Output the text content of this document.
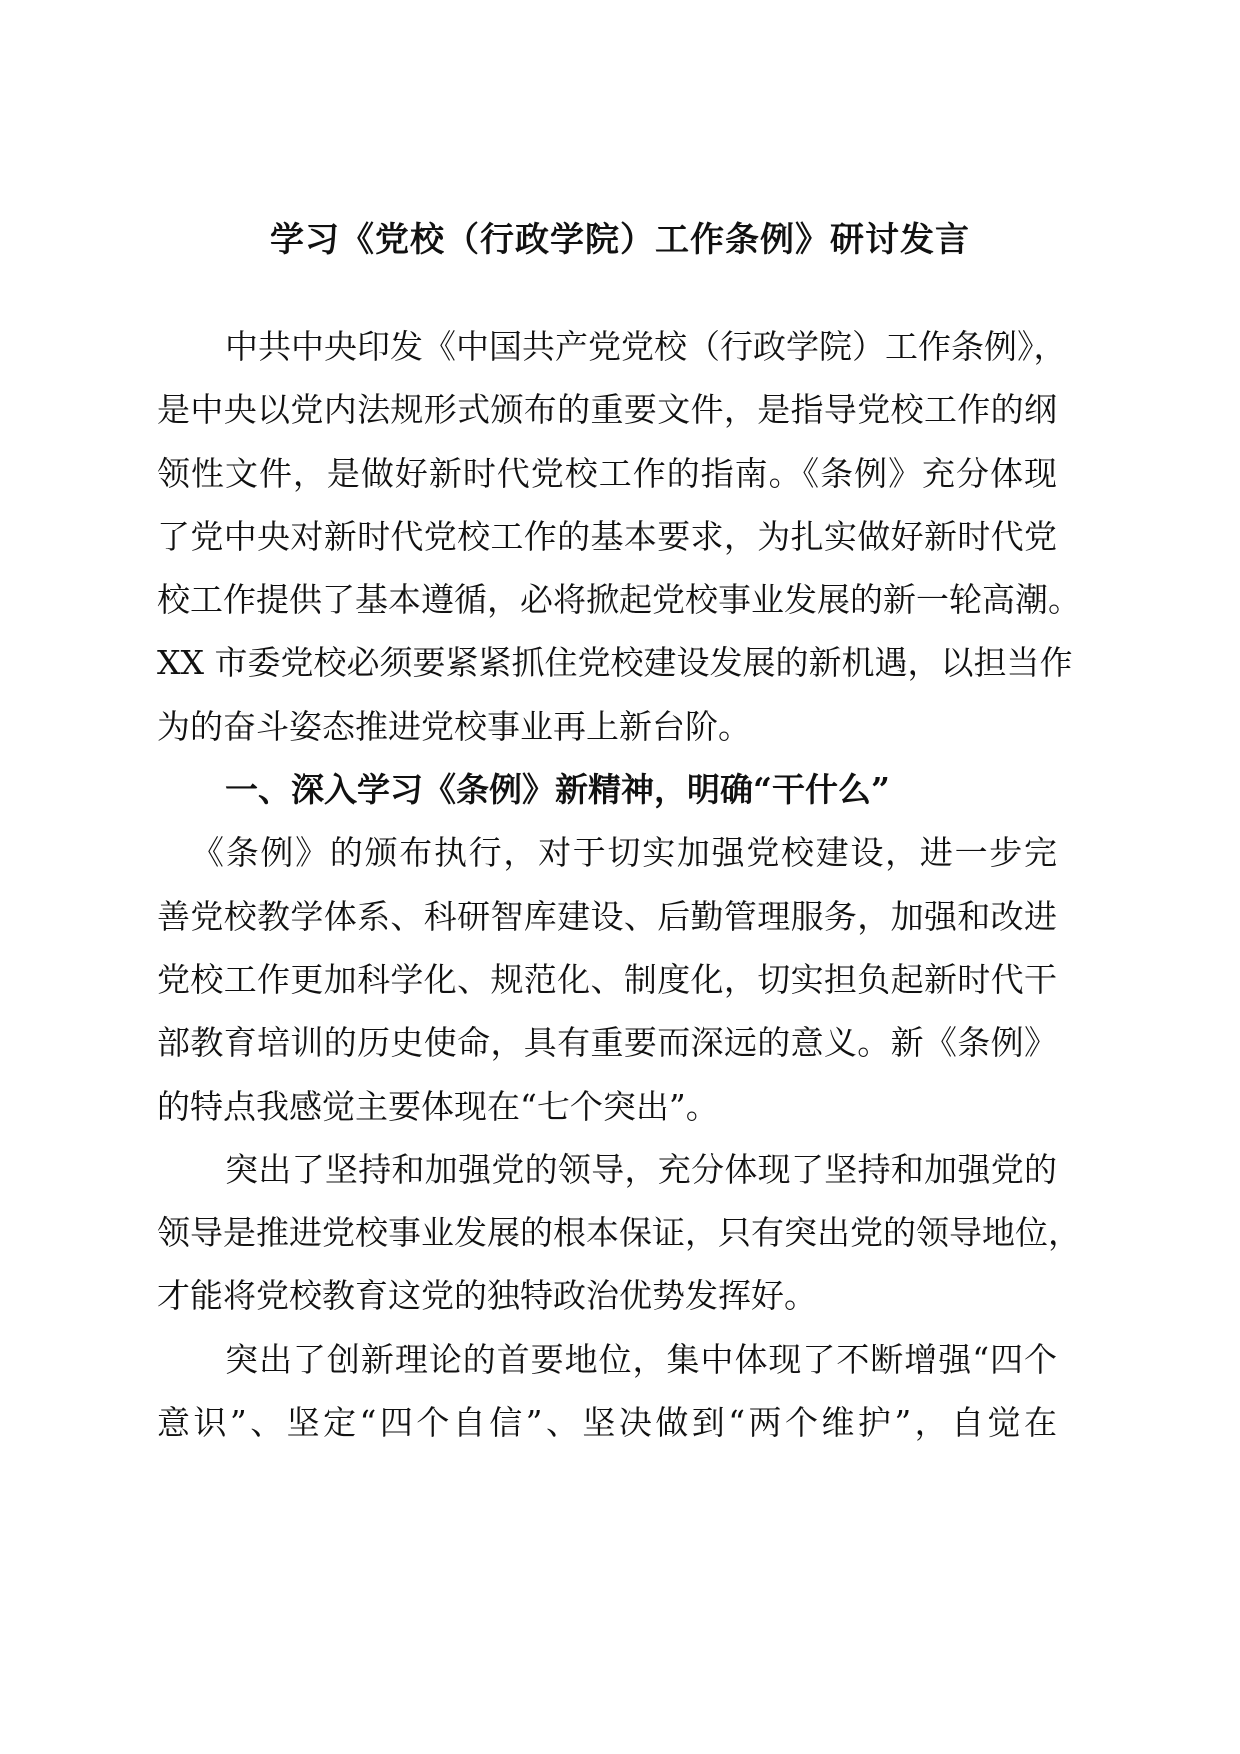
学习《党校（行政学院）工作条例》研讨发言
中共中央印发《中国共产党党校（行政学院）工作条例》，
是中央以党内法规形式颁布的重要文件，是指导党校工作的纲
领性文件，是做好新时代党校工作的指南。《条例》充分体现
了党中央对新时代党校工作的基本要求，为扎实做好新时代党
校工作提供了基本遵循，必将掀起党校事业发展的新一轮高潮。
XX 市委党校必须要紧紧抓住党校建设发展的新机遇，以担当作
为的奋斗姿态推进党校事业再上新台阶。
一、深入学习《条例》新精神，明确“干什么”
《条例》的颁布执行，对于切实加强党校建设，进一步完
善党校教学体系、科研智库建设、后勤管理服务，加强和改进
党校工作更加科学化、规范化、制度化，切实担负起新时代干
部教育培训的历史使命，具有重要而深远的意义。新《条例》
的特点我感觉主要体现在“七个突出”。
突出了坚持和加强党的领导，充分体现了坚持和加强党的
领导是推进党校事业发展的根本保证，只有突出党的领导地位，
才能将党校教育这党的独特政治优势发挥好。
突出了创新理论的首要地位，集中体现了不断增强“四个
意识”、坚定“四个自信”、坚决做到“两个维护”，自觉在
